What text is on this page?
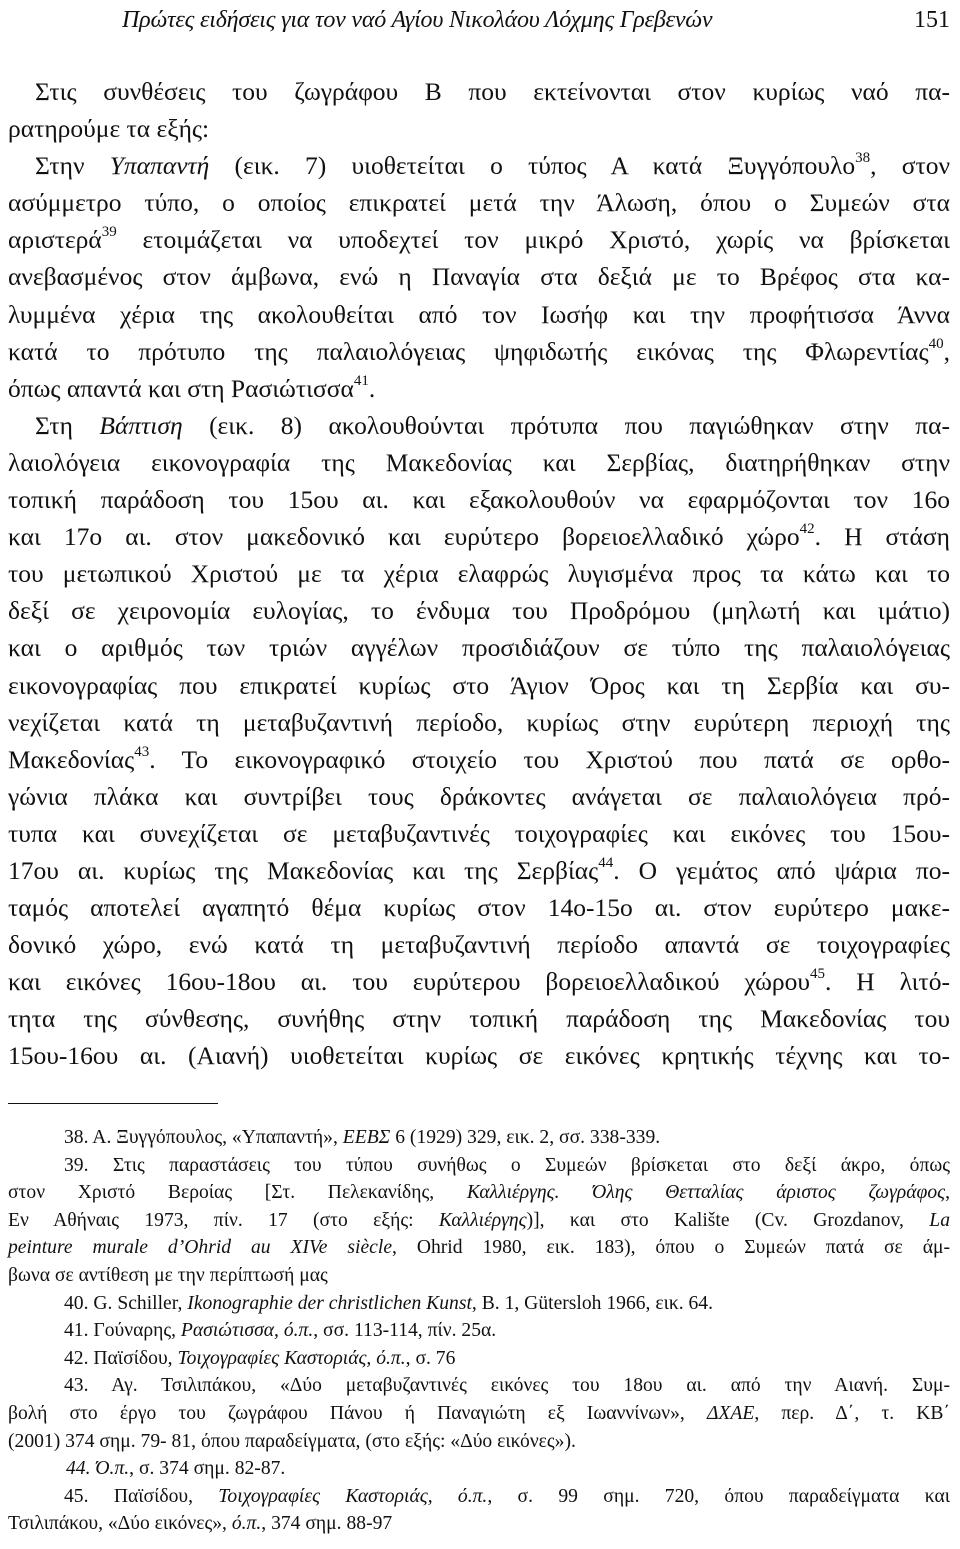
Πρώτες ειδήσεις για τον ναό Αγίου Νικολάου Λόχμης Γρεβενών	151
Στις συνθέσεις του ζωγράφου Β που εκτείνονται στον κυρίως ναό πα-
ρατηρούμε τα εξής:
Στην Υπαπαντή (εικ. 7) υιοθετείται ο τύπος Α κατά Ξυγγόπουλο$^{38}$, στον
ασύμμετρο τύπο, ο οποίος επικρατεί μετά την Άλωση, όπου ο Συμεών στα
αριστερά$^{39}$ ετοιμάζεται να υποδεχτεί τον μικρό Χριστό, χωρίς να βρίσκεται
ανεβασμένος στον άμβωνα, ενώ η Παναγία στα δεξιά με το Βρέφος στα κα-
λυμμένα χέρια της ακολουθείται από τον Ιωσήφ και την προφήτισσα Άννα
κατά το πρότυπο της παλαιολόγειας ψηφιδωτής εικόνας της Φλωρεντίας$^{40}$,
όπως απαντά και στη Ρασιώτισσα$^{41}$.
Στη Βάπτιση (εικ. 8) ακολουθούνται πρότυπα που παγιώθηκαν στην πα-
λαιολόγεια εικονογραφία της Μακεδονίας και Σερβίας, διατηρήθηκαν στην
τοπική παράδοση του 15ου αι. και εξακολουθούν να εφαρμόζονται τον 16ο
και 17ο αι. στον μακεδονικό και ευρύτερο βορειοελλαδικό χώρο$^{42}$. Η στάση
του μετωπικού Χριστού με τα χέρια ελαφρώς λυγισμένα προς τα κάτω και το
δεξί σε χειρονομία ευλογίας, το ένδυμα του Προδρόμου (μηλωτή και ιμάτιο)
και ο αριθμός των τριών αγγέλων προσιδιάζουν σε τύπο της παλαιολόγειας
εικονογραφίας που επικρατεί κυρίως στο Άγιον Όρος και τη Σερβία και συ-
νεχίζεται κατά τη μεταβυζαντινή περίοδο, κυρίως στην ευρύτερη περιοχή της
Μακεδονίας$^{43}$. Το εικονογραφικό στοιχείο του Χριστού που πατά σε ορθο-
γώνια πλάκα και συντρίβει τους δράκοντες ανάγεται σε παλαιολόγεια πρό-
τυπα και συνεχίζεται σε μεταβυζαντινές τοιχογραφίες και εικόνες του 15ου-
17ου αι. κυρίως της Μακεδονίας και της Σερβίας$^{44}$. Ο γεμάτος από ψάρια πο-
ταμός αποτελεί αγαπητό θέμα κυρίως στον 14ο-15ο αι. στον ευρύτερο μακε-
δονικό χώρο, ενώ κατά τη μεταβυζαντινή περίοδο απαντά σε τοιχογραφίες
και εικόνες 16ου-18ου αι. του ευρύτερου βορειοελλαδικού χώρου$^{45}$. Η λιτό-
τητα της σύνθεσης, συνήθης στην τοπική παράδοση της Μακεδονίας του
15ου-16ου αι. (Αιανή) υιοθετείται κυρίως σε εικόνες κρητικής τέχνης και το-
38. Α. Ξυγγόπουλος, «Υπαπαντή», ΕΕΒΣ 6 (1929) 329, εικ. 2, σσ. 338-339.
39. Στις παραστάσεις του τύπου συνήθως ο Συμεών βρίσκεται στο δεξί άκρο, όπως
στον Χριστό Βεροίας [Στ. Πελεκανίδης, Καλλιέργης. Όλης Θετταλίας άριστος ζωγράφος,
Εν Αθήναις 1973, πίν. 17 (στο εξής: Καλλιέργης)], και στο Kalište (Cv. Grozdanov, La
peinture murale d’Ohrid au XIVe siècle, Ohrid 1980, εικ. 183), όπου ο Συμεών πατά σε άμ-
βωνα σε αντίθεση με την περίπτωσή μας
40. G. Schiller, Ikonographie der christlichen Kunst, B. 1, Gütersloh 1966, εικ. 64.
41. Γούναρης, Ρασιώτισσα, ό.π., σσ. 113-114, πίν. 25α.
42. Παϊσίδου, Τοιχογραφίες Καστοριάς, ό.π., σ. 76
43. Αγ. Τσιλιπάκου, «Δύο μεταβυζαντινές εικόνες του 18ου αι. από την Αιανή. Συμ-
βολή στο έργο του ζωγράφου Πάνου ή Παναγιώτη εξ Ιωαννίνων», ΔΧΑΕ, περ. Δ΄, τ. ΚΒ΄
(2001) 374 σημ. 79- 81, όπου παραδείγματα, (στο εξής: «Δύο εικόνες»).
44. Ό.π., σ. 374 σημ. 82-87.
45. Παϊσίδου, Τοιχογραφίες Καστοριάς, ό.π., σ. 99 σημ. 720, όπου παραδείγματα και
Τσιλιπάκου, «Δύο εικόνες», ό.π., 374 σημ. 88-97
